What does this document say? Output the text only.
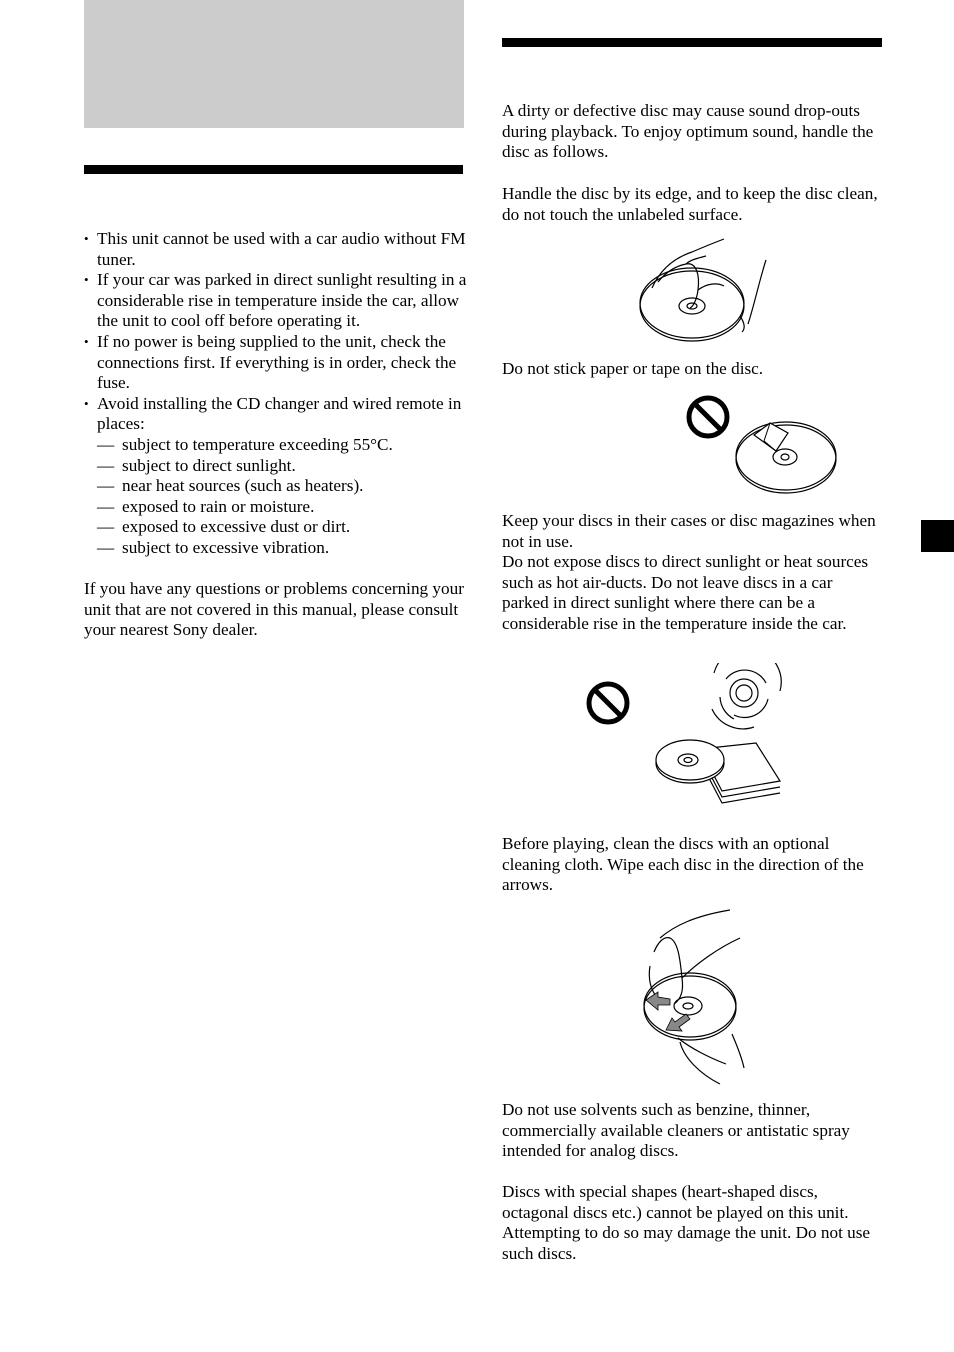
• This unit cannot be used with a car audio without FM tuner.
• If your car was parked in direct sunlight resulting in a considerable rise in temperature inside the car, allow the unit to cool off before operating it.
• If no power is being supplied to the unit, check the connections first. If everything is in order, check the fuse.
• Avoid installing the CD changer and wired remote in places:
— subject to temperature exceeding 55°C.
— subject to direct sunlight.
— near heat sources (such as heaters).
— exposed to rain or moisture.
— exposed to excessive dust or dirt.
— subject to excessive vibration.

If you have any questions or problems concerning your unit that are not covered in this manual, please consult your nearest Sony dealer.

A dirty or defective disc may cause sound drop-outs during playback. To enjoy optimum sound, handle the disc as follows.

Handle the disc by its edge, and to keep the disc clean, do not touch the unlabeled surface.

Do not stick paper or tape on the disc.

Keep your discs in their cases or disc magazines when not in use.

Do not expose discs to direct sunlight or heat sources such as hot air-ducts. Do not leave discs in a car parked in direct sunlight where there can be a considerable rise in the temperature inside the car.

Before playing, clean the discs with an optional cleaning cloth. Wipe each disc in the direction of the arrows.

Do not use solvents such as benzine, thinner, commercially available cleaners or antistatic spray intended for analog discs.

Discs with special shapes (heart-shaped discs, octagonal discs etc.) cannot be played on this unit. Attempting to do so may damage the unit. Do not use such discs.
